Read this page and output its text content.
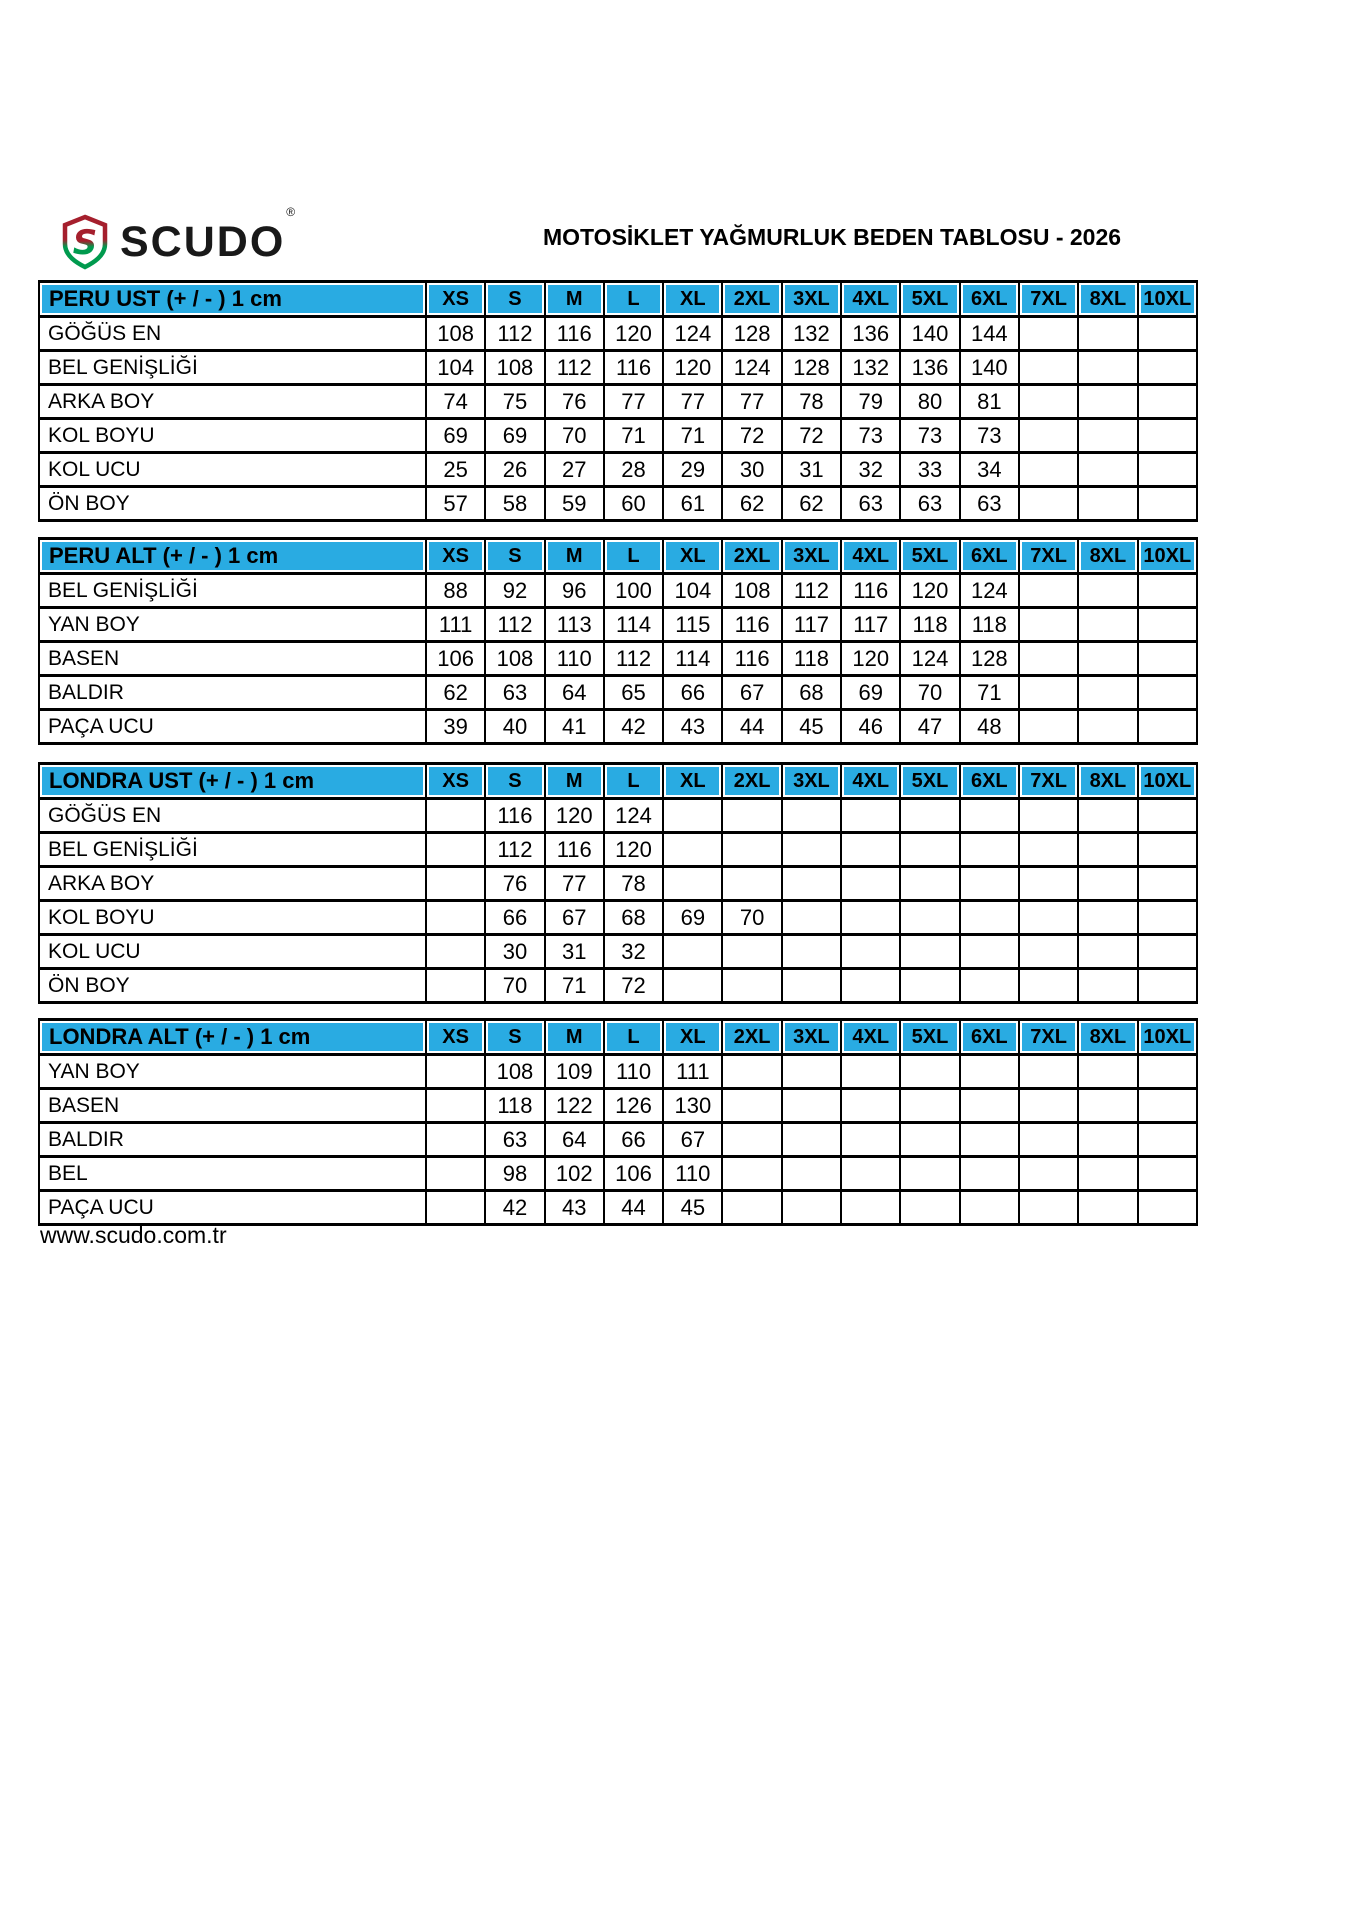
S SCUDO®
MOTOSİKLET YAĞMURLUK BEDEN TABLOSU - 2026
PERU UST (+ / - ) 1 cm	XS	S	M	L	XL	2XL	3XL	4XL	5XL	6XL	7XL	8XL	10XL
GÖĞÜS EN	108	112	116	120	124	128	132	136	140	144			
BEL GENİŞLİĞİ	104	108	112	116	120	124	128	132	136	140			
ARKA BOY	74	75	76	77	77	77	78	79	80	81			
KOL BOYU	69	69	70	71	71	72	72	73	73	73			
KOL UCU	25	26	27	28	29	30	31	32	33	34			
ÖN BOY	57	58	59	60	61	62	62	63	63	63			
PERU ALT (+ / - ) 1 cm	XS	S	M	L	XL	2XL	3XL	4XL	5XL	6XL	7XL	8XL	10XL
BEL GENİŞLİĞİ	88	92	96	100	104	108	112	116	120	124			
YAN BOY	111	112	113	114	115	116	117	117	118	118			
BASEN	106	108	110	112	114	116	118	120	124	128			
BALDIR	62	63	64	65	66	67	68	69	70	71			
PAÇA UCU	39	40	41	42	43	44	45	46	47	48			
LONDRA UST (+ / - ) 1 cm	XS	S	M	L	XL	2XL	3XL	4XL	5XL	6XL	7XL	8XL	10XL
GÖĞÜS EN		116	120	124									
BEL GENİŞLİĞİ		112	116	120									
ARKA BOY		76	77	78									
KOL BOYU		66	67	68	69	70							
KOL UCU		30	31	32									
ÖN BOY		70	71	72									
LONDRA ALT (+ / - ) 1 cm	XS	S	M	L	XL	2XL	3XL	4XL	5XL	6XL	7XL	8XL	10XL
YAN BOY		108	109	110	111								
BASEN		118	122	126	130								
BALDIR		63	64	66	67								
BEL		98	102	106	110								
PAÇA UCU		42	43	44	45								
www.scudo.com.tr
